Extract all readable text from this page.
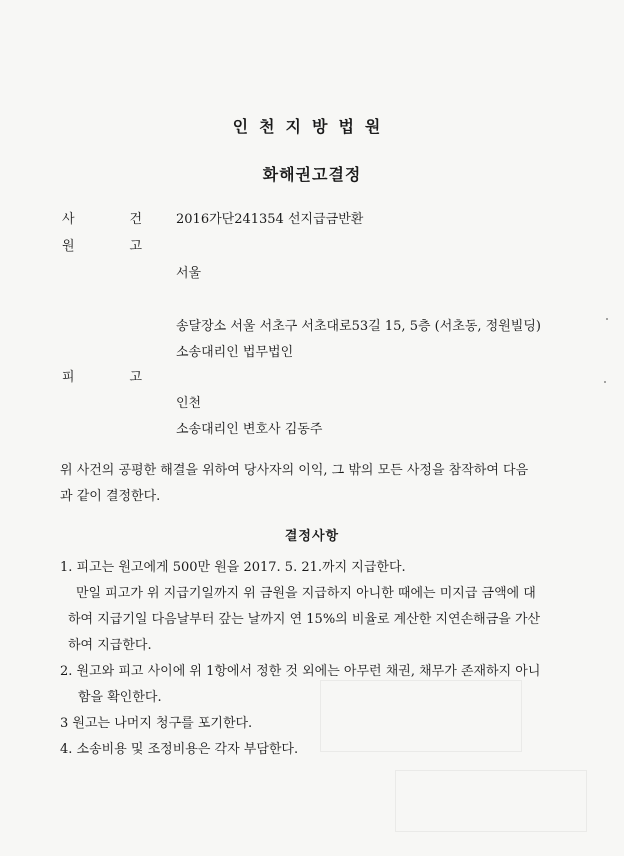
인천지방법원
화해권고결정
사	건	2016가단241354 선지급금반환
원	고
서울
송달장소 서울 서초구 서초대로53길 15, 5층 (서초동, 정원빌딩)
소송대리인 법무법인
피	고
인천
소송대리인 변호사 김동주
위 사건의 공평한 해결을 위하여 당사자의 이익, 그 밖의 모든 사정을 참작하여 다음
과 같이 결정한다.
결정사항
1. 피고는 원고에게 500만 원을 2017. 5. 21.까지 지급한다.
만일 피고가 위 지급기일까지 위 금원을 지급하지 아니한 때에는 미지급 금액에 대
하여 지급기일 다음날부터 갚는 날까지 연 15%의 비율로 계산한 지연손해금을 가산
하여 지급한다.
2. 원고와 피고 사이에 위 1항에서 정한 것 외에는 아무런 채권, 채무가 존재하지 아니
함을 확인한다.
3 원고는 나머지 청구를 포기한다.
4. 소송비용 및 조정비용은 각자 부담한다.
